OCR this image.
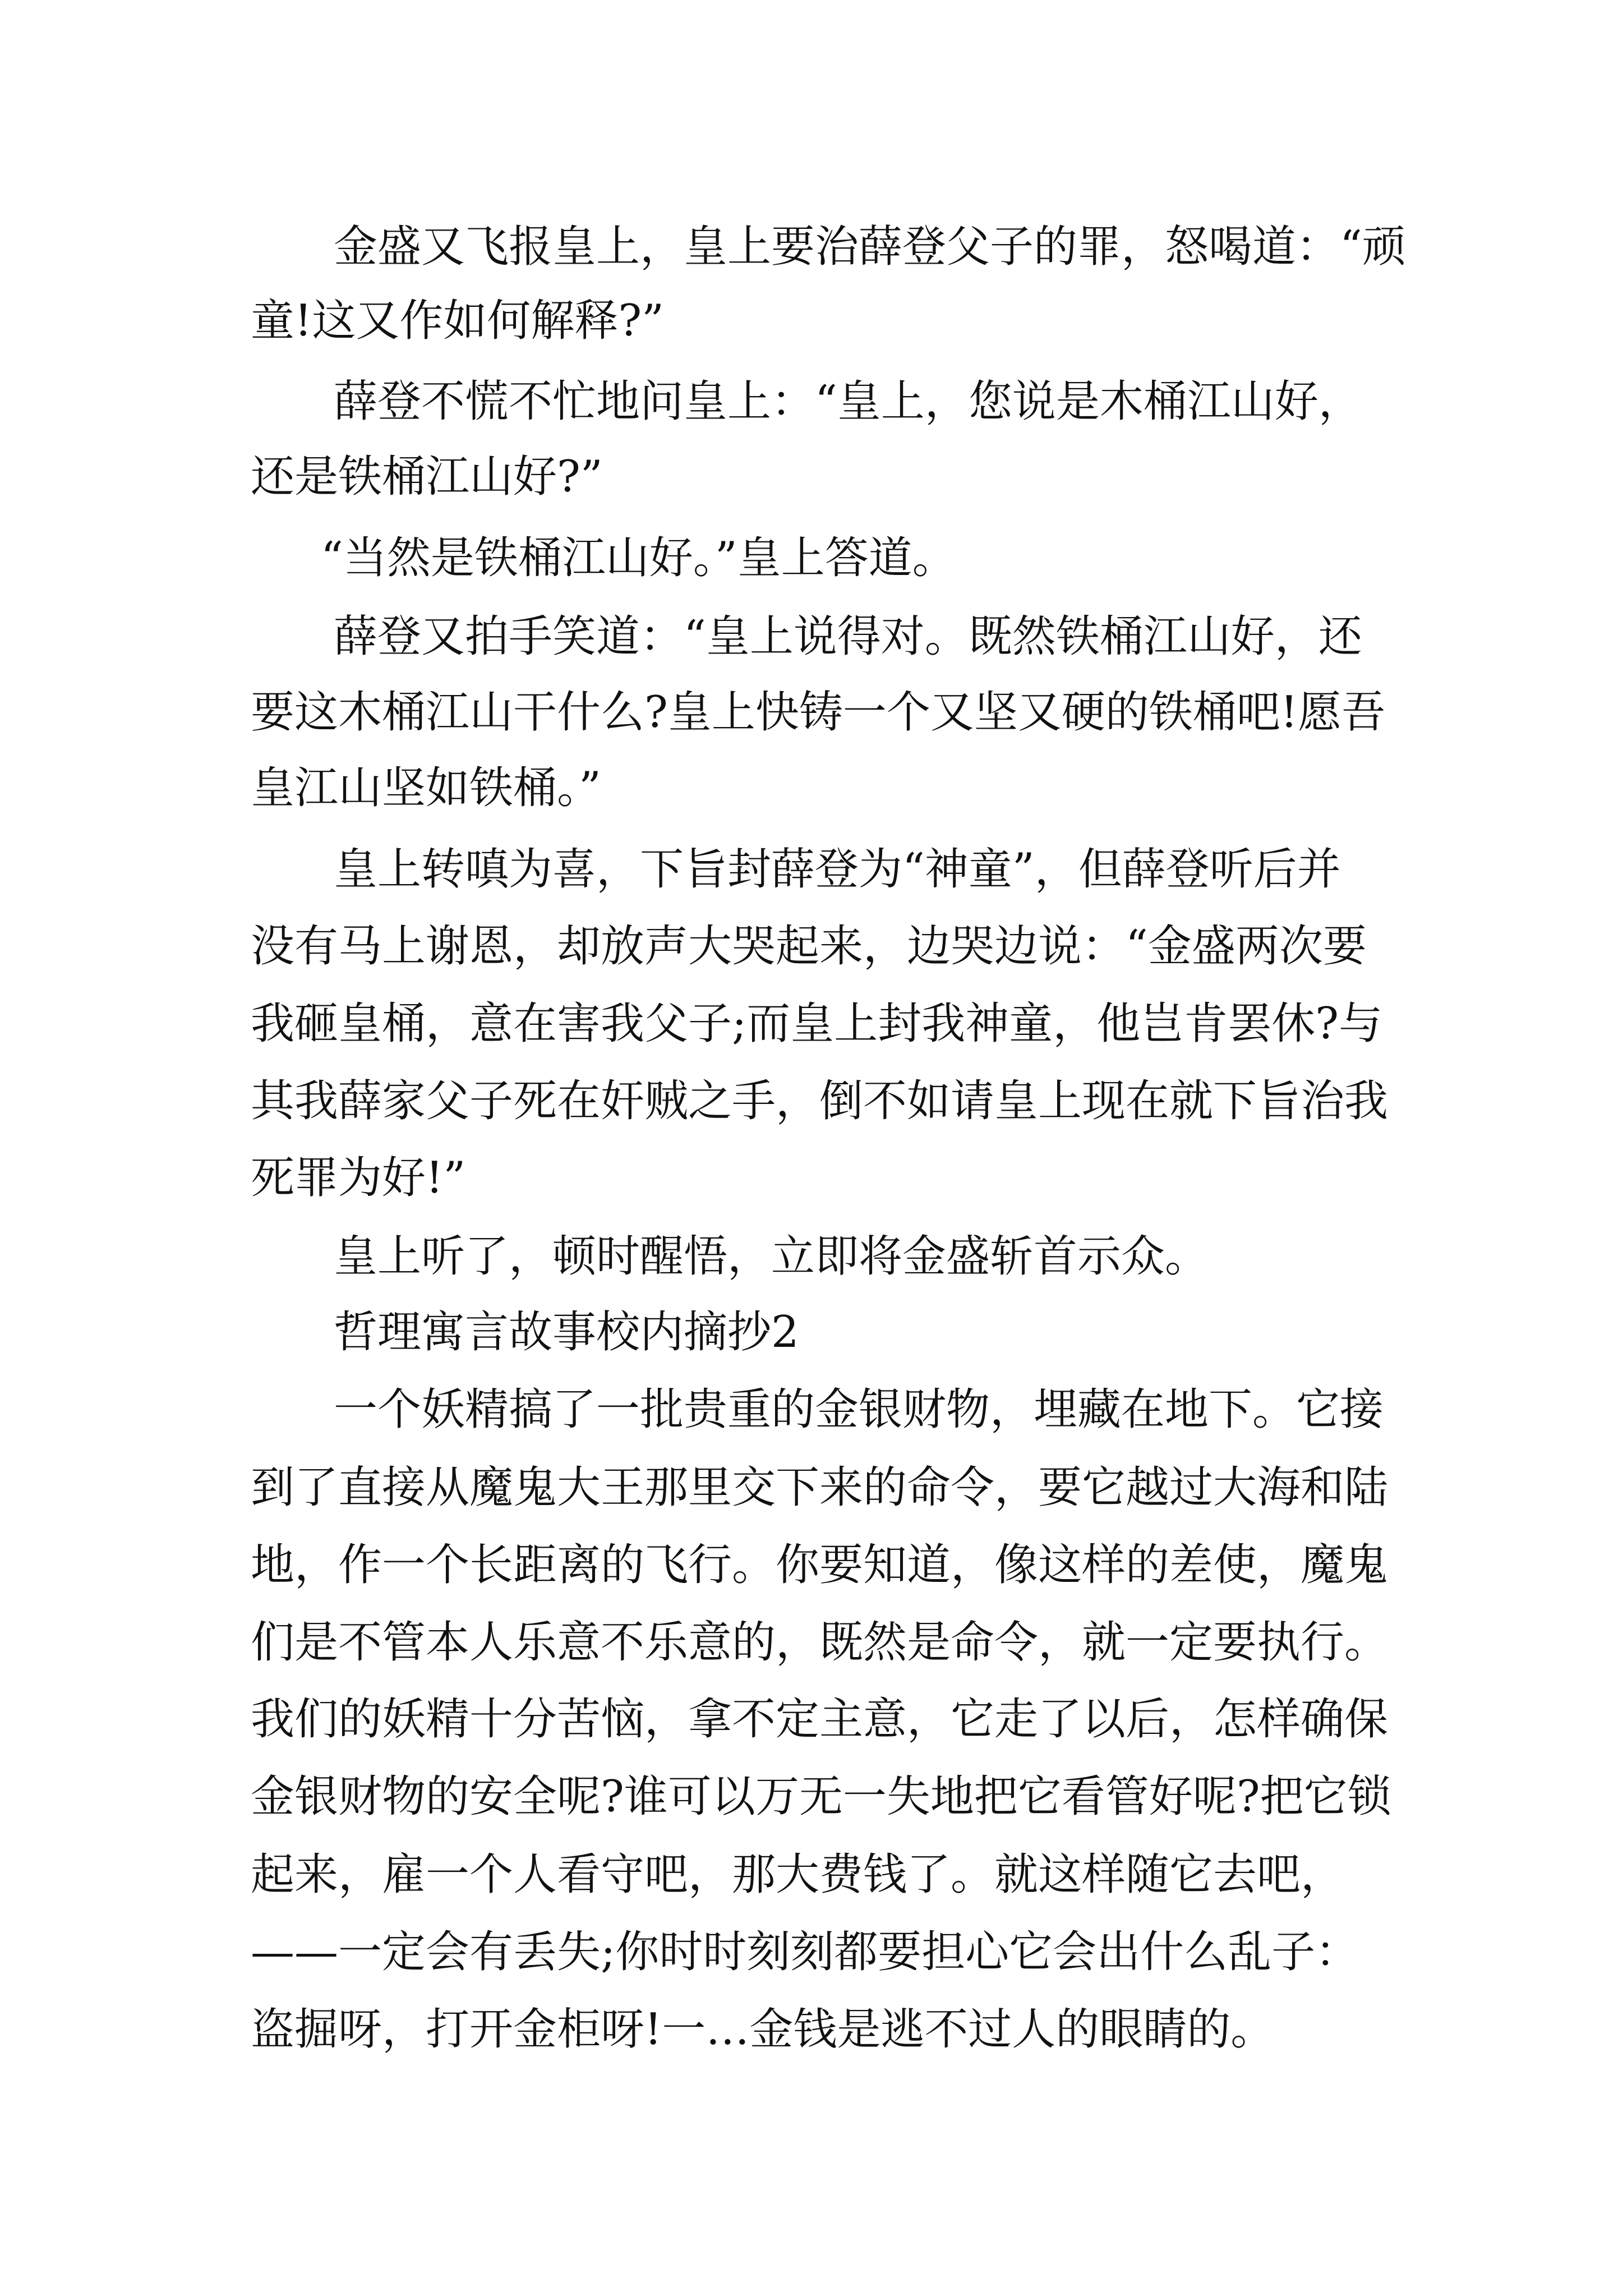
金盛又飞报皇上，皇上要治薛登父子的罪，怒喝道：“顽
童!这又作如何解释?”
薛登不慌不忙地问皇上：“皇上，您说是木桶江山好，
还是铁桶江山好?”
“当然是铁桶江山好。”皇上答道。
薛登又拍手笑道：“皇上说得对。既然铁桶江山好，还
要这木桶江山干什么?皇上快铸一个又坚又硬的铁桶吧!愿吾
皇江山坚如铁桶。”
皇上转嗔为喜，下旨封薛登为“神童”，但薛登听后并
没有马上谢恩，却放声大哭起来，边哭边说：“金盛两次要
我砸皇桶，意在害我父子;而皇上封我神童，他岂肯罢休?与
其我薛家父子死在奸贼之手，倒不如请皇上现在就下旨治我
死罪为好!”
皇上听了，顿时醒悟，立即将金盛斩首示众。
哲理寓言故事校内摘抄2
一个妖精搞了一批贵重的金银财物，埋藏在地下。它接
到了直接从魔鬼大王那里交下来的命令，要它越过大海和陆
地，作一个长距离的飞行。你要知道，像这样的差使，魔鬼
们是不管本人乐意不乐意的，既然是命令，就一定要执行。
我们的妖精十分苦恼，拿不定主意，它走了以后，怎样确保
金银财物的安全呢?谁可以万无一失地把它看管好呢?把它锁
起来，雇一个人看守吧，那大费钱了。就这样随它去吧，
——一定会有丢失;你时时刻刻都要担心它会出什么乱子：
盗掘呀，打开金柜呀!一…金钱是逃不过人的眼睛的。
